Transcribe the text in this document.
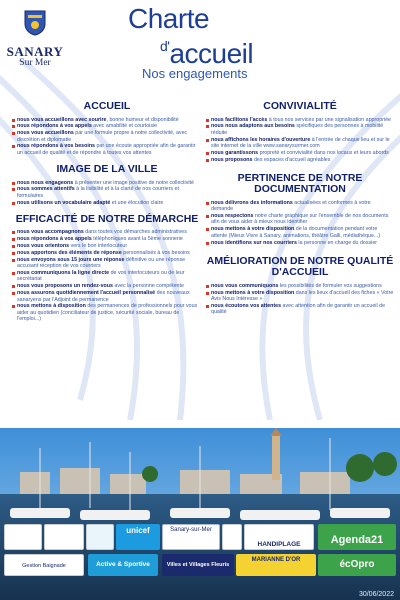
SANARY
Sur Mer
Charte
$^{d'}$accueil
Nos engagements
ACCUEIL
nous vous accueillons avec sourire, bonne humeur et disponibilité
nous répondons à vos appels avec amabilité et courtoisie
nous vous accueillons par une formule propre à notre collectivité, avec discrétion et diplomatie
nous répondons à vos besoins par une écoute appropriée afin de garantir un accueil de qualité et de répondre à toutes vos attentes
IMAGE DE LA VILLE
nous nous engageons à présenter une image positive de notre collectivité
nous sommes attentifs à la lisibilité et à la clarté de nos courriers et formulaires
nous utilisons un vocabulaire adapté et une élocution claire
EFFICACITÉ DE NOTRE DÉMARCHE
nous vous accompagnons dans toutes vos démarches administratives
nous répondons à vos appels téléphoniques avant la 5ème sonnerie
nous vous orientons vers le bon interlocuteur
nous apportons des éléments de réponse personnalisés à vos besoins
nous envoyons sous 15 jours une réponse définitive ou une réponse accusant réception de vos courriers
nous communiquons la ligne directe de vos interlocuteurs ou de leur secrétariat
nous vous proposons un rendez-vous avec la personne compétente
nous assurons quotidiennement l'accueil personnalisé des nouveaux sanaryens par l'Adjoint de permanence
nous mettons à disposition des permanences de professionnels pour vous aider au quotidien (conciliateur de justice, sécurité sociale, bureau de l'emploi...)
CONVIVIALITÉ
nous facilitons l'accès à tous nos services par une signalisation appropriée
nous nous adaptons aux besoins spécifiques des personnes à mobilité réduite
nous affichons les horaires d'ouverture à l'entrée de chaque lieu et sur le site internet de la ville www.sanarysurmer.com
nous garantissons propreté et convivialité dans nos locaux et leurs abords
nous proposons des espaces d'accueil agréables
PERTINENCE DE NOTRE DOCUMENTATION
nous délivrons des informations actualisées et conformes à votre demande
nous respectons notre charte graphique sur l'ensemble de nos documents afin de vous aider à mieux nous identifier
nous mettons à votre disposition de la documentation pendant votre attente (Mieux Vivre à Sanary, animations, théâtre Galli, médiathèque...)
nous identifions sur nos courriers la personne en charge du dossier
AMÉLIORATION DE NOTRE QUALITÉ D'ACCUEIL
nous vous communiquons les possibilités de formuler vos suggestions
nous mettons à votre disposition dans les lieux d'accueil des fiches « Votre Avis Nous Intéresse »
nous écoutons vos attentes avec attention afin de garantir un accueil de qualité
unicef	Sanary-sur-Mer
HANDIPLAGE	Agenda21
Gestion Baignade	Active & Sportive	Villes et Villages Fleuris
MARIANNE D'OR	écOpro
30/06/2022
